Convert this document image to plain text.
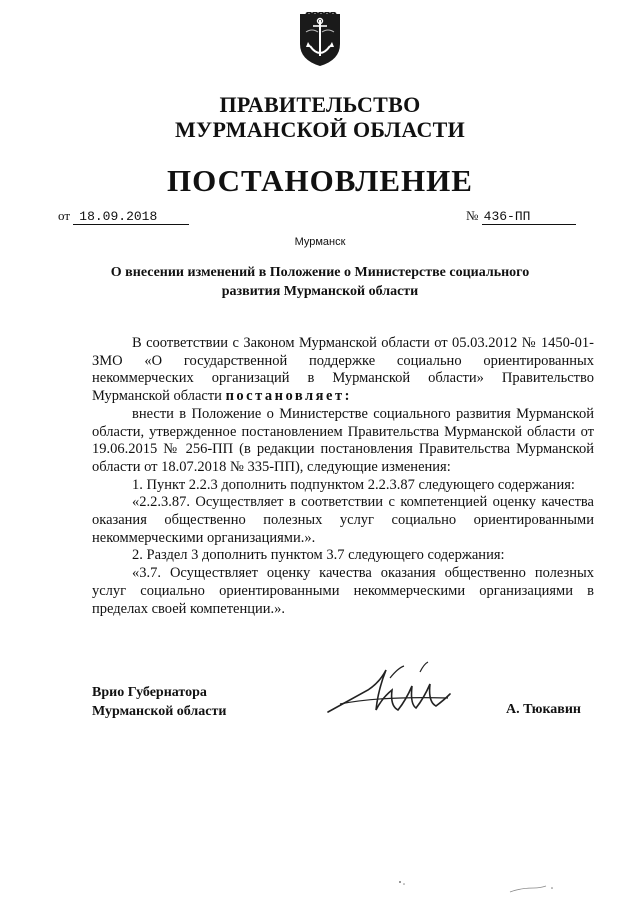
ПРАВИТЕЛЬСТВО
МУРМАНСКОЙ ОБЛАСТИ
ПОСТАНОВЛЕНИЕ
от 18.09.2018	№ 436-ПП
Мурманск
О внесении изменений в Положение о Министерстве социального
развития Мурманской области

В соответствии с Законом Мурманской области от 05.03.2012 № 1450-01-ЗМО «О государственной поддержке социально ориентированных некоммерческих организаций в Мурманской области» Правительство Мурманской области постановляет:

внести в Положение о Министерстве социального развития Мурманской области, утвержденное постановлением Правительства Мурманской области от 19.06.2015 № 256-ПП (в редакции постановления Правительства Мурманской области от 18.07.2018 № 335-ПП), следующие изменения:

1. Пункт 2.2.3 дополнить подпунктом 2.2.3.87 следующего содержания:

«2.2.3.87. Осуществляет в соответствии с компетенцией оценку качества оказания общественно полезных услуг социально ориентированными некоммерческими организациями.».

2. Раздел 3 дополнить пунктом 3.7 следующего содержания:

«3.7. Осуществляет оценку качества оказания общественно полезных услуг социально ориентированными некоммерческими организациями в пределах своей компетенции.».

Врио Губернатора
Мурманской области	А. Тюкавин
